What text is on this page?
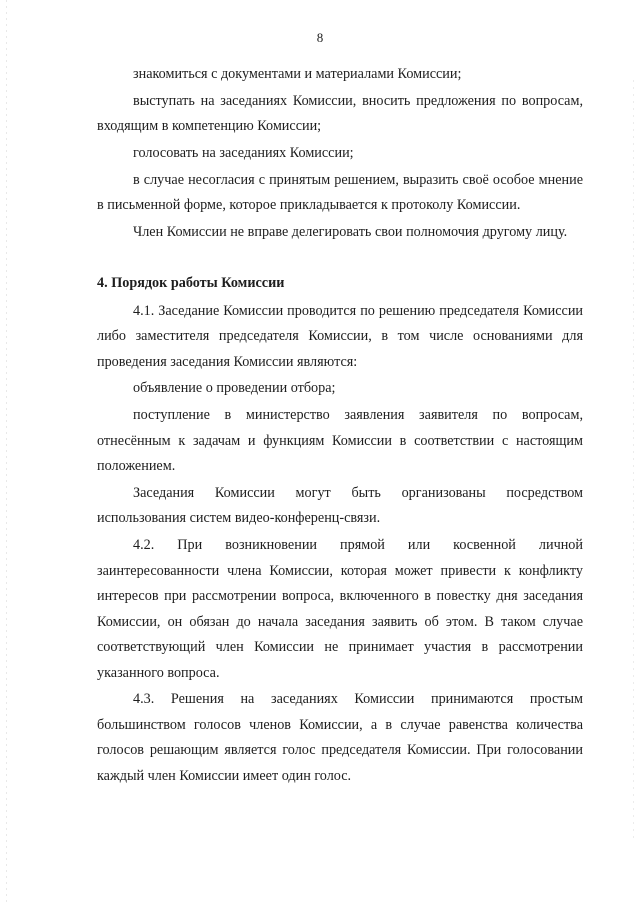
8

знакомиться с документами и материалами Комиссии;

выступать на заседаниях Комиссии, вносить предложения по вопросам, входящим в компетенцию Комиссии;

голосовать на заседаниях Комиссии;

в случае несогласия с принятым решением, выразить своё особое мнение в письменной форме, которое прикладывается к протоколу Комиссии.

Член Комиссии не вправе делегировать свои полномочия другому лицу.

4. Порядок работы Комиссии

4.1. Заседание Комиссии проводится по решению председателя Комиссии либо заместителя председателя Комиссии, в том числе основаниями для проведения заседания Комиссии являются:

объявление о проведении отбора;

поступление в министерство заявления заявителя по вопросам, отнесённым к задачам и функциям Комиссии в соответствии с настоящим положением.

Заседания Комиссии могут быть организованы посредством использования систем видео-конференц-связи.

4.2. При возникновении прямой или косвенной личной заинтересованности члена Комиссии, которая может привести к конфликту интересов при рассмотрении вопроса, включенного в повестку дня заседания Комиссии, он обязан до начала заседания заявить об этом. В таком случае соответствующий член Комиссии не принимает участия в рассмотрении указанного вопроса.

4.3. Решения на заседаниях Комиссии принимаются простым большинством голосов членов Комиссии, а в случае равенства количества голосов решающим является голос председателя Комиссии. При голосовании каждый член Комиссии имеет один голос.
